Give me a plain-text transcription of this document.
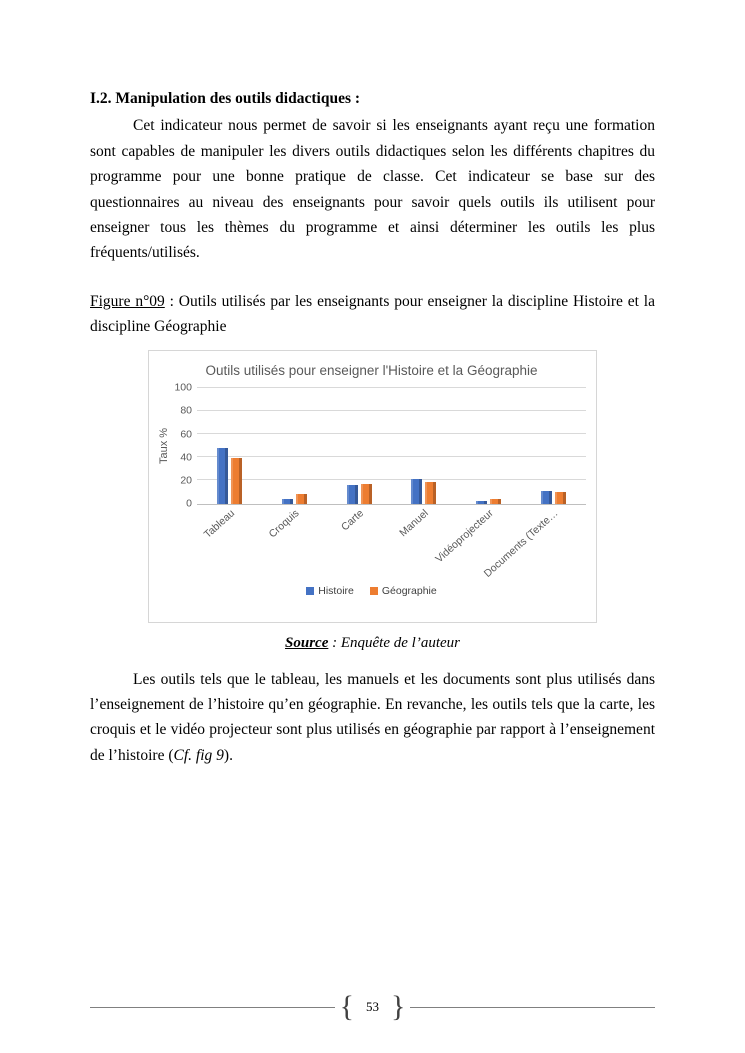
I.2. Manipulation des outils didactiques :

Cet indicateur nous permet de savoir si les enseignants ayant reçu une formation sont capables de manipuler les divers outils didactiques selon les différents chapitres du programme pour une bonne pratique de classe. Cet indicateur se base sur des questionnaires au niveau des enseignants pour savoir quels outils ils utilisent pour enseigner tous les thèmes du programme et ainsi déterminer les outils les plus fréquents/utilisés.

Figure n°09 : Outils utilisés par les enseignants pour enseigner la discipline Histoire et la discipline Géographie

Outils utilisés pour enseigner l'Histoire et la Géographie
Taux %
0
20
40
60
80
100
Tableau	Croquis	Carte	Manuel Vidéoprojecteur
Documents (Texte…
Histoire	Géographie

Source : Enquête de l’auteur

Les outils tels que le tableau, les manuels et les documents sont plus utilisés dans l’enseignement de l’histoire qu’en géographie. En revanche, les outils tels que la carte, les croquis et le vidéo projecteur sont plus utilisés en géographie par rapport à l’enseignement de l’histoire (Cf. fig 9).

{ 53 }
